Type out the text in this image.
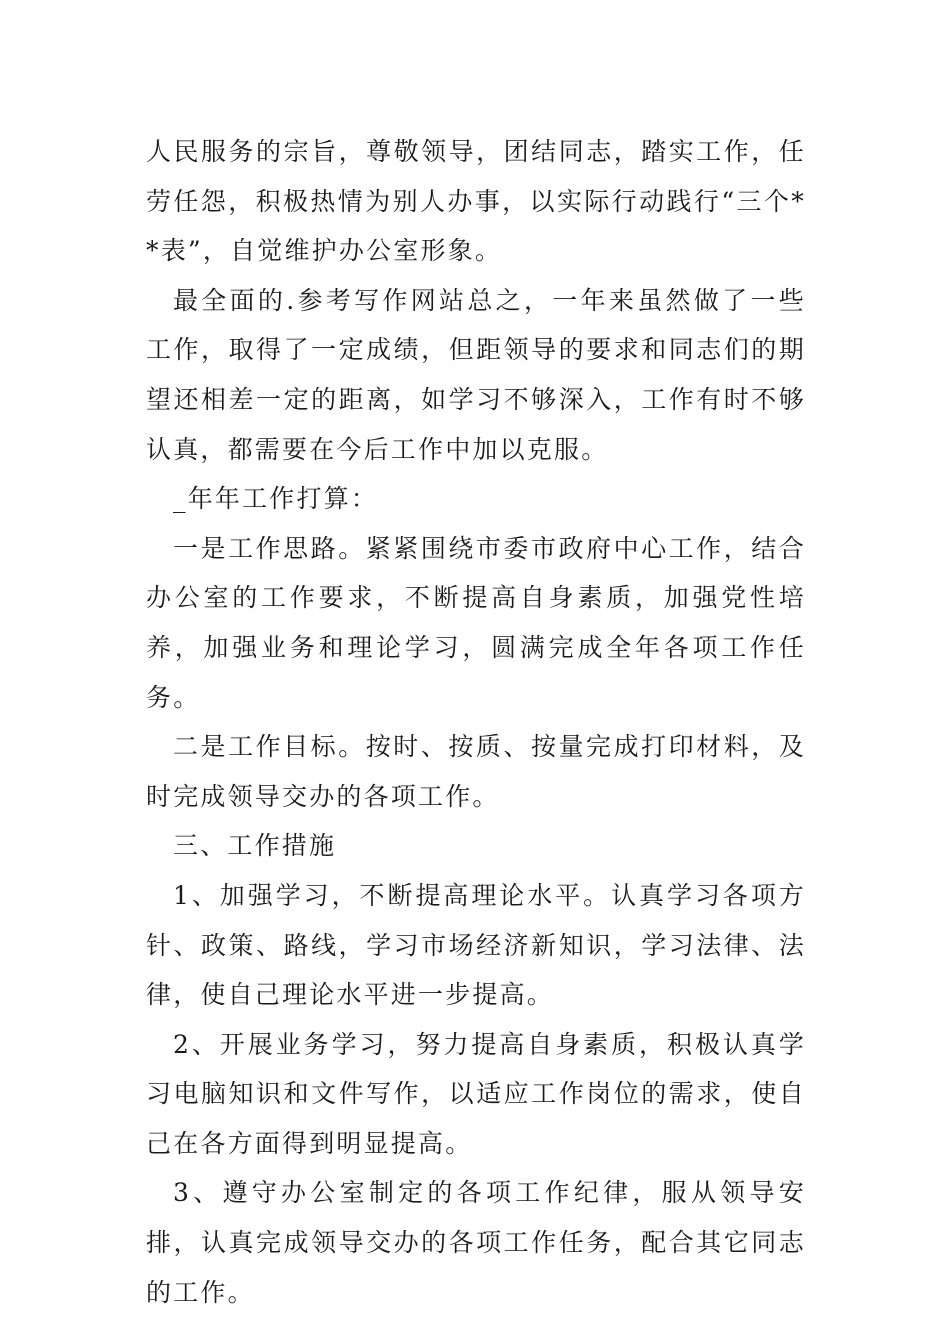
人民服务的宗旨，尊敬领导，团结同志，踏实工作，任劳任怨，积极热情为别人办事，以实际行动践行“三个**表”，自觉维护办公室形象。

最全面的.参考写作网站总之，一年来虽然做了一些工作，取得了一定成绩，但距领导的要求和同志们的期望还相差一定的距离，如学习不够深入，工作有时不够认真，都需要在今后工作中加以克服。

_年年工作打算：

一是工作思路。紧紧围绕市委市政府中心工作，结合办公室的工作要求，不断提高自身素质，加强党性培养，加强业务和理论学习，圆满完成全年各项工作任务。

二是工作目标。按时、按质、按量完成打印材料，及时完成领导交办的各项工作。

三、工作措施

1、加强学习，不断提高理论水平。认真学习各项方针、政策、路线，学习市场经济新知识，学习法律、法律，使自己理论水平进一步提高。

2、开展业务学习，努力提高自身素质，积极认真学习电脑知识和文件写作，以适应工作岗位的需求，使自己在各方面得到明显提高。

3、遵守办公室制定的各项工作纪律，服从领导安排，认真完成领导交办的各项工作任务，配合其它同志的工作。
